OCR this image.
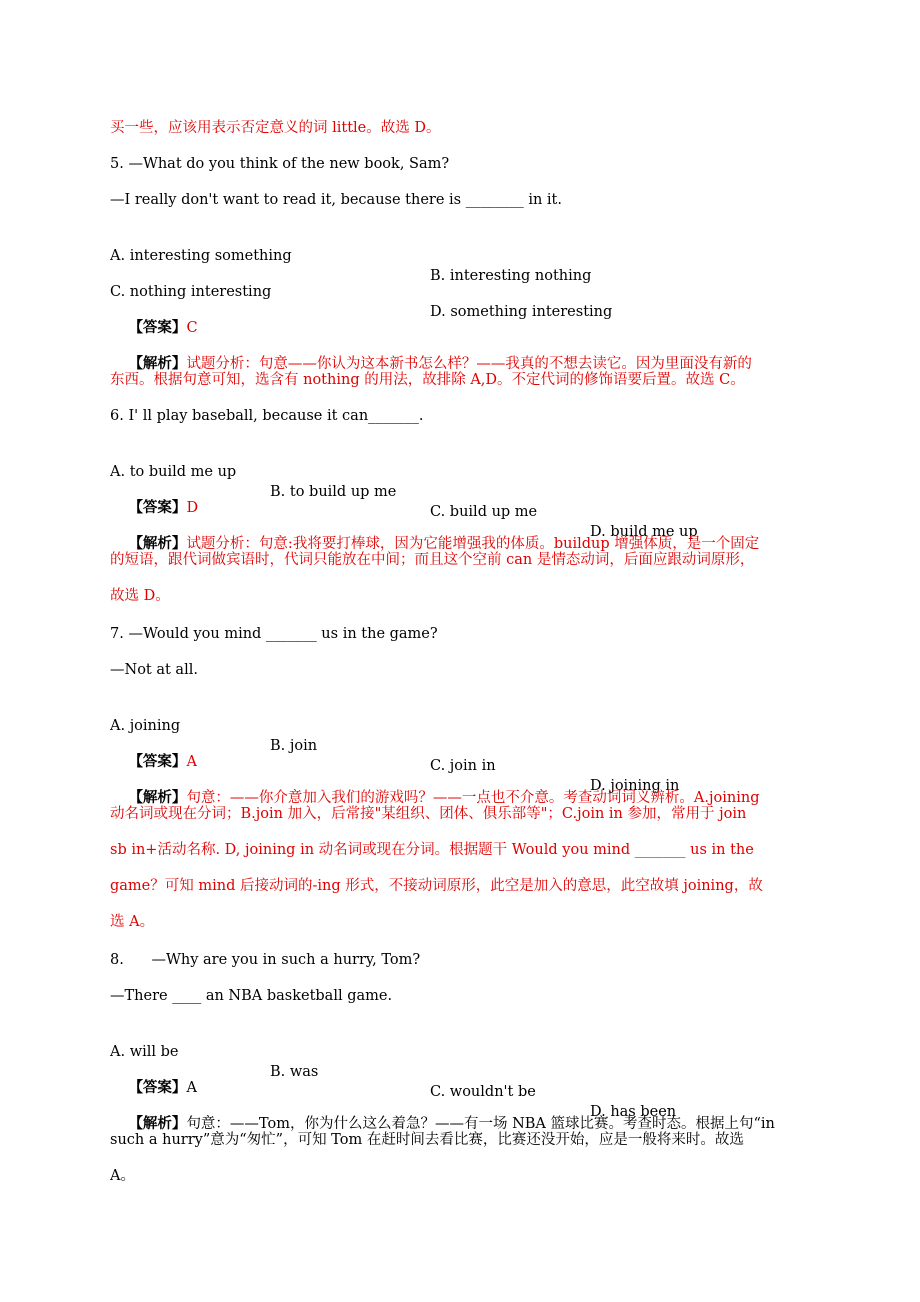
买一些，应该用表示否定意义的词 little。故选 D。
5. —What do you think of the new book, Sam?
—I really don't want to read it, because there is ________ in it.

A. interesting something

B. interesting nothing

C. nothing interesting

D. something interesting

【答案】C

【解析】试题分析：句意——你认为这本新书怎么样？——我真的不想去读它。因为里面没有新的

东西。根据句意可知，选含有 nothing 的用法，故排除 A,D。不定代词的修饰语要后置。故选 C。
6. I' ll play baseball, because it can_______.

A. to build me up

B. to build up me

C. build up me

D. build me up

【答案】D

【解析】试题分析：句意:我将要打棒球，因为它能增强我的体质。buildup 增强体质，是一个固定

的短语，跟代词做宾语时，代词只能放在中间；而且这个空前 can 是情态动词，后面应跟动词原形，
故选 D。
7. —Would you mind _______ us in the game?
—Not at all.

A. joining

B. join

C. join in

D. joining in

【答案】A

【解析】句意：——你介意加入我们的游戏吗？——一点也不介意。考查动词词义辨析。A.joining

动名词或现在分词；B.join 加入，后常接"某组织、团体、俱乐部等"；C.join in 参加，常用于 join
sb in+活动名称. D, joining in 动名词或现在分词。根据题干 Would you mind _______ us in the
game？可知 mind 后接动词的-ing 形式，不接动词原形，此空是加入的意思，此空故填 joining，故
选 A。
8.      —Why are you in such a hurry, Tom?
—There ____ an NBA basketball game.

A. will be

B. was

C. wouldn't be

D. has been

【答案】A

【解析】句意：——Tom，你为什么这么着急？——有一场 NBA 篮球比赛。考查时态。根据上句“in

such a hurry”意为“匆忙”，可知 Tom 在赶时间去看比赛，比赛还没开始，应是一般将来时。故选
A。
